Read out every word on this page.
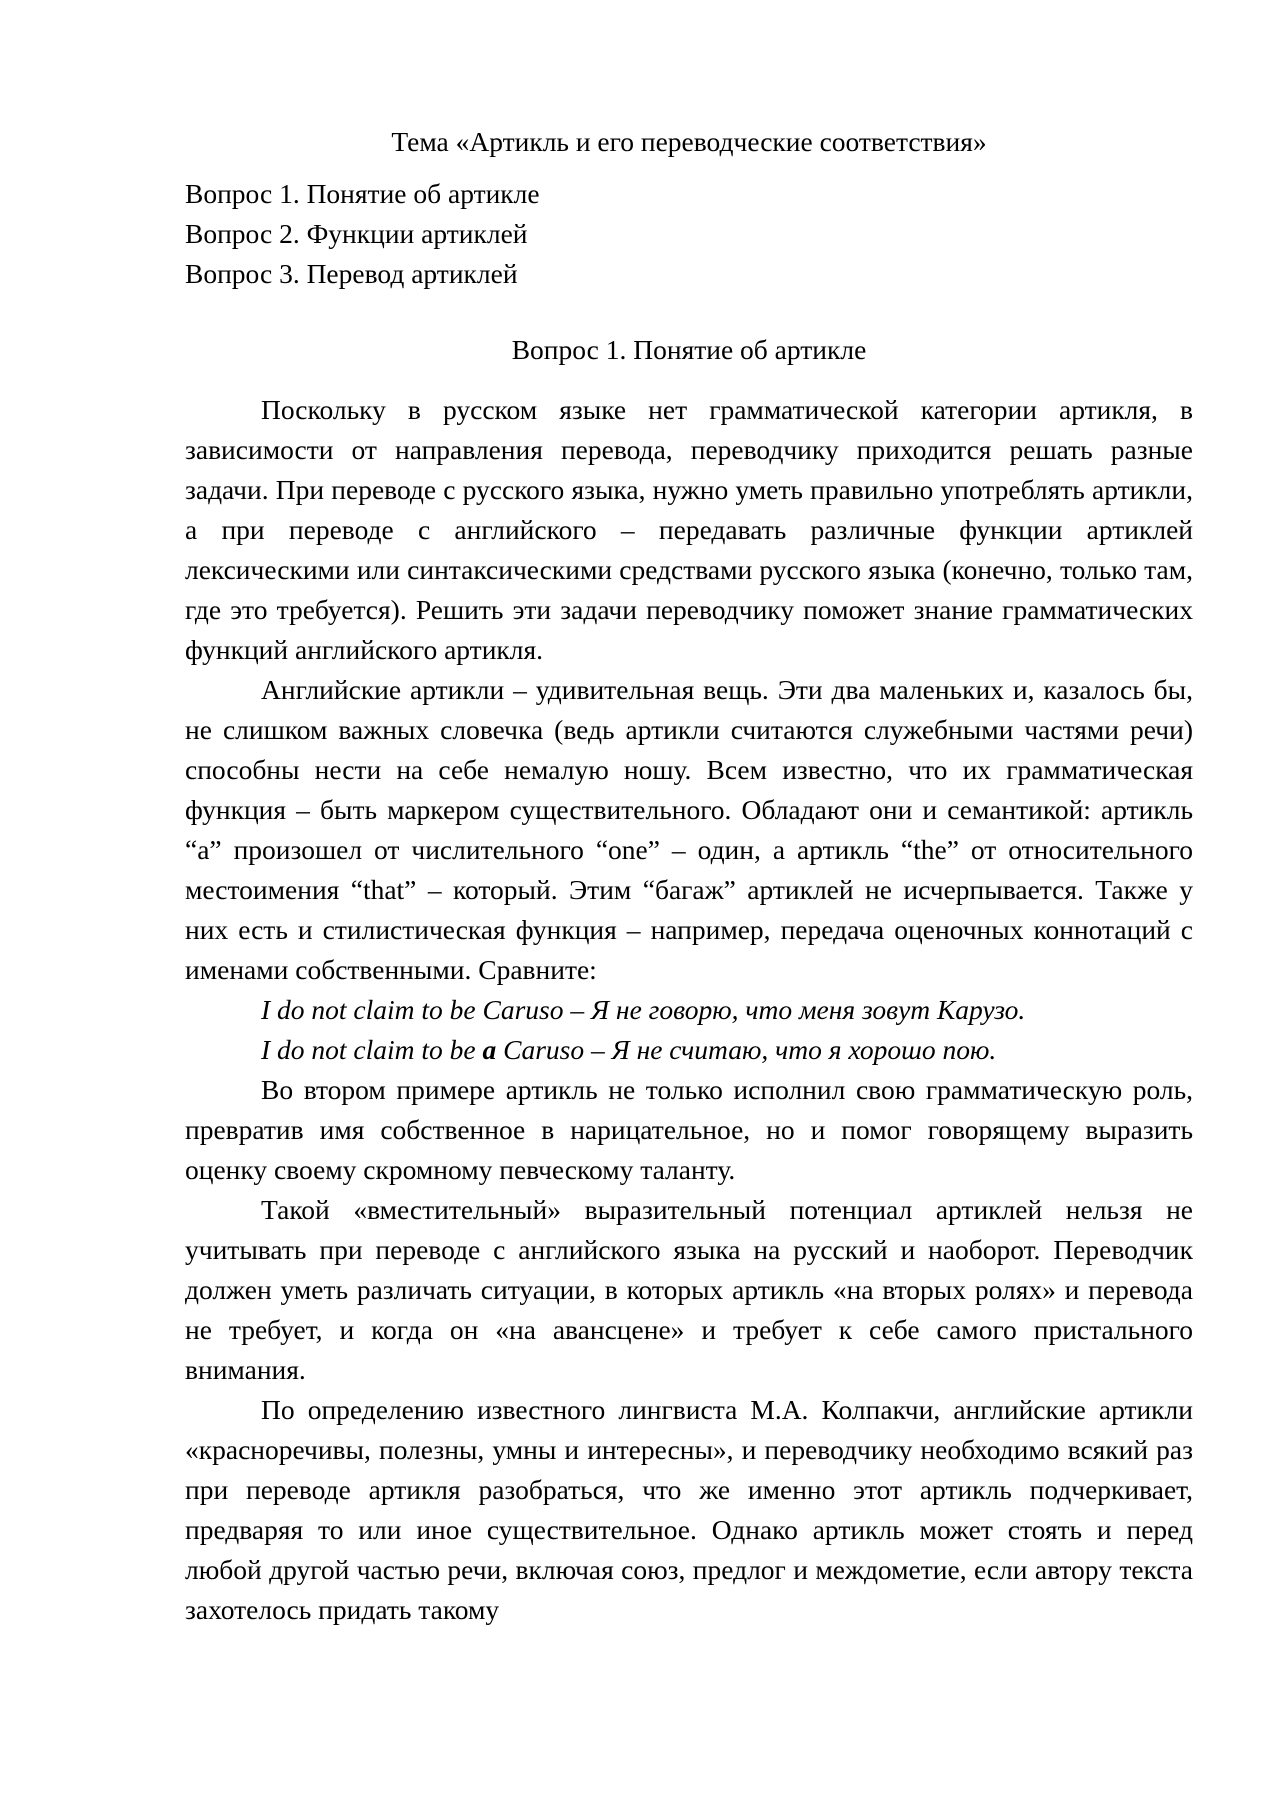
Тема «Артикль и его переводческие соответствия»
Вопрос 1. Понятие об артикле
Вопрос 2. Функции артиклей
Вопрос 3. Перевод артиклей
Вопрос 1. Понятие об артикле

Поскольку в русском языке нет грамматической категории артикля, в зависимости от направления перевода, переводчику приходится решать разные задачи. При переводе с русского языка, нужно уметь правильно употреблять артикли, а при переводе с английского – передавать различные функции артиклей лексическими или синтаксическими средствами русского языка (конечно, только там, где это требуется). Решить эти задачи переводчику поможет знание грамматических функций английского артикля.

Английские артикли – удивительная вещь. Эти два маленьких и, казалось бы, не слишком важных словечка (ведь артикли считаются служебными частями речи) способны нести на себе немалую ношу. Всем известно, что их грамматическая функция – быть маркером существительного. Обладают они и семантикой: артикль “a” произошел от числительного “one” – один, а артикль “the” от относительного местоимения “that” – который. Этим “багаж” артиклей не исчерпывается. Также у них есть и стилистическая функция – например, передача оценочных коннотаций с именами собственными. Сравните:

I do not claim to be Caruso – Я не говорю, что меня зовут Карузо.

I do not claim to be a Caruso – Я не считаю, что я хорошо пою.

Во втором примере артикль не только исполнил свою грамматическую роль, превратив имя собственное в нарицательное, но и помог говорящему выразить оценку своему скромному певческому таланту.

Такой «вместительный» выразительный потенциал артиклей нельзя не учитывать при переводе с английского языка на русский и наоборот. Переводчик должен уметь различать ситуации, в которых артикль «на вторых ролях» и перевода не требует, и когда он «на авансцене» и требует к себе самого пристального внимания.

По определению известного лингвиста М.А. Колпакчи, английские артикли «красноречивы, полезны, умны и интересны», и переводчику необходимо всякий раз при переводе артикля разобраться, что же именно этот артикль подчеркивает, предваряя то или иное существительное. Однако артикль может стоять и перед любой другой частью речи, включая союз, предлог и междометие, если автору текста захотелось придать такому
